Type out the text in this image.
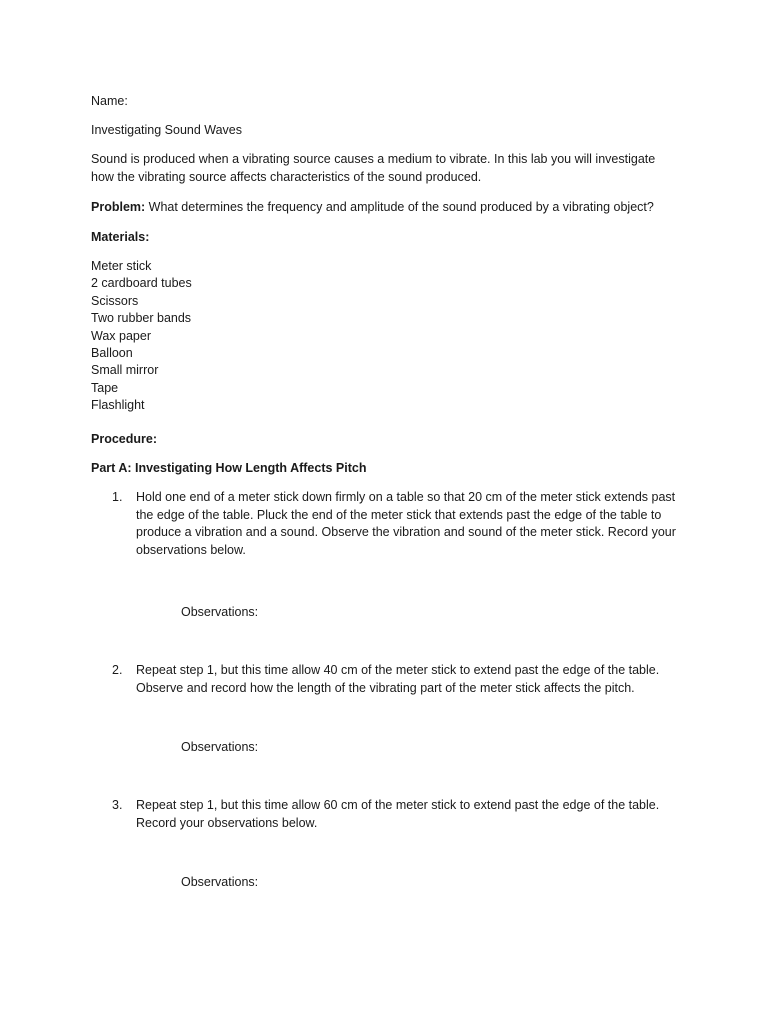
Name:
Investigating Sound Waves
Sound is produced when a vibrating source causes a medium to vibrate. In this lab you will investigate how the vibrating source affects characteristics of the sound produced.
Problem: What determines the frequency and amplitude of the sound produced by a vibrating object?
Materials:
Meter stick
2 cardboard tubes
Scissors
Two rubber bands
Wax paper
Balloon
Small mirror
Tape
Flashlight
Procedure:
Part A: Investigating How Length Affects Pitch
1.	Hold one end of a meter stick down firmly on a table so that 20 cm of the meter stick extends past the edge of the table. Pluck the end of the meter stick that extends past the edge of the table to produce a vibration and a sound. Observe the vibration and sound of the meter stick. Record your observations below.
Observations:
2.	Repeat step 1, but this time allow 40 cm of the meter stick to extend past the edge of the table. Observe and record how the length of the vibrating part of the meter stick affects the pitch.
Observations:
3.	Repeat step 1, but this time allow 60 cm of the meter stick to extend past the edge of the table. Record your observations below.
Observations:
